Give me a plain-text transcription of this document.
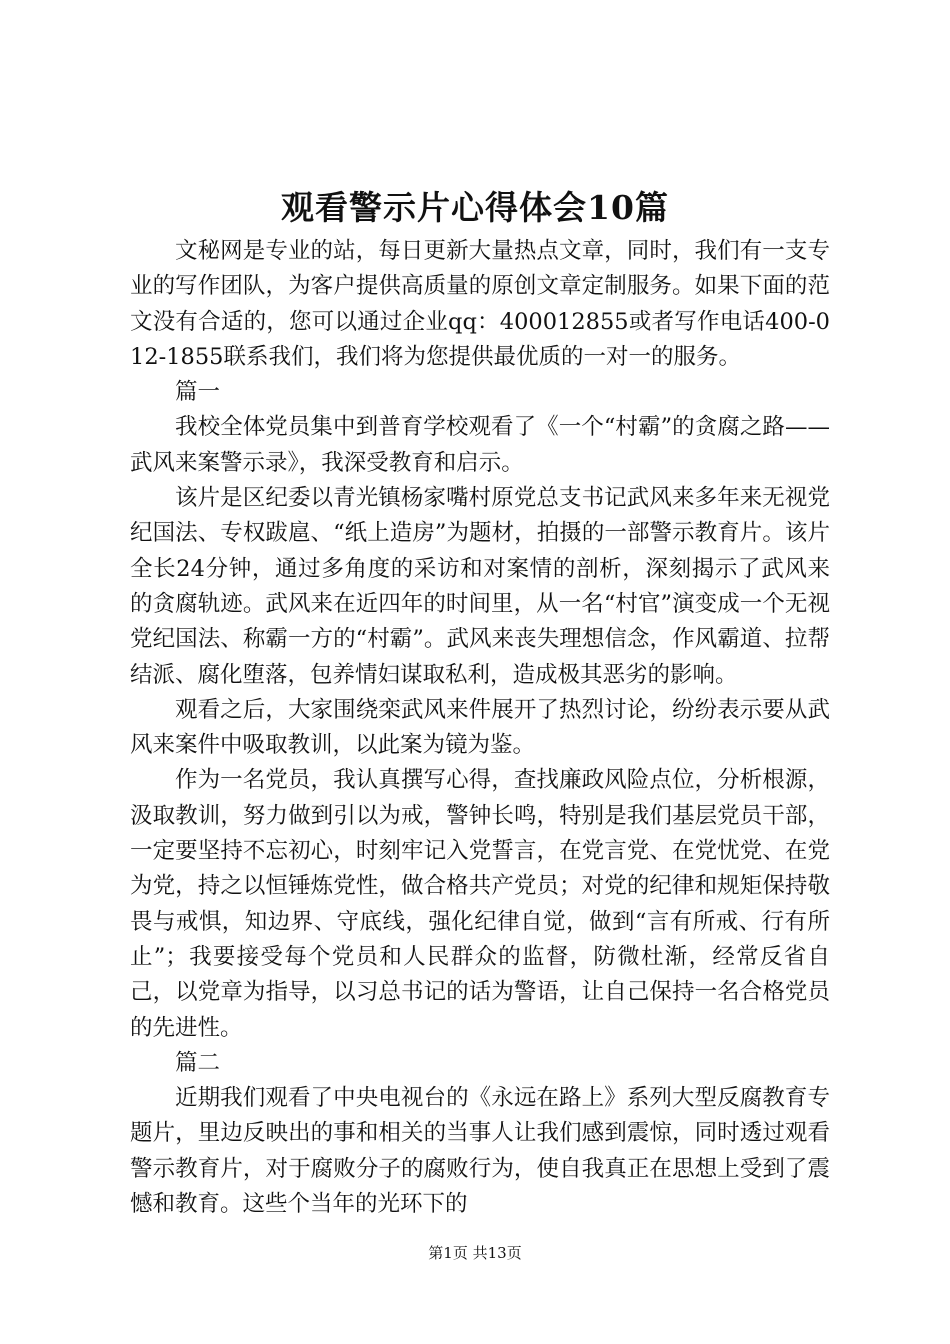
观看警示片心得体会10篇

文秘网是专业的站，每日更新大量热点文章，同时，我们有一支专业的写作团队，为客户提供高质量的原创文章定制服务。如果下面的范文没有合适的，您可以通过企业qq：400012855或者写作电话400-012-1855联系我们，我们将为您提供最优质的一对一的服务。

篇一

我校全体党员集中到普育学校观看了《一个“村霸”的贪腐之路——武风来案警示录》，我深受教育和启示。

该片是区纪委以青光镇杨家嘴村原党总支书记武风来多年来无视党纪国法、专权跋扈、“纸上造房”为题材，拍摄的一部警示教育片。该片全长24分钟，通过多角度的采访和对案情的剖析，深刻揭示了武风来的贪腐轨迹。武风来在近四年的时间里，从一名“村官”演变成一个无视党纪国法、称霸一方的“村霸”。武风来丧失理想信念，作风霸道、拉帮结派、腐化堕落，包养情妇谋取私利，造成极其恶劣的影响。

观看之后，大家围绕栾武风来件展开了热烈讨论，纷纷表示要从武风来案件中吸取教训，以此案为镜为鉴。

作为一名党员，我认真撰写心得，查找廉政风险点位，分析根源，汲取教训，努力做到引以为戒，警钟长鸣，特别是我们基层党员干部，一定要坚持不忘初心，时刻牢记入党誓言，在党言党、在党忧党、在党为党，持之以恒锤炼党性，做合格共产党员；对党的纪律和规矩保持敬畏与戒惧，知边界、守底线，强化纪律自觉，做到“言有所戒、行有所止”；我要接受每个党员和人民群众的监督，防微杜渐，经常反省自己，以党章为指导，以习总书记的话为警语，让自己保持一名合格党员的先进性。

篇二

近期我们观看了中央电视台的《永远在路上》系列大型反腐教育专题片，里边反映出的事和相关的当事人让我们感到震惊，同时透过观看警示教育片，对于腐败分子的腐败行为，使自我真正在思想上受到了震憾和教育。这些个当年的光环下的

第1页 共13页
